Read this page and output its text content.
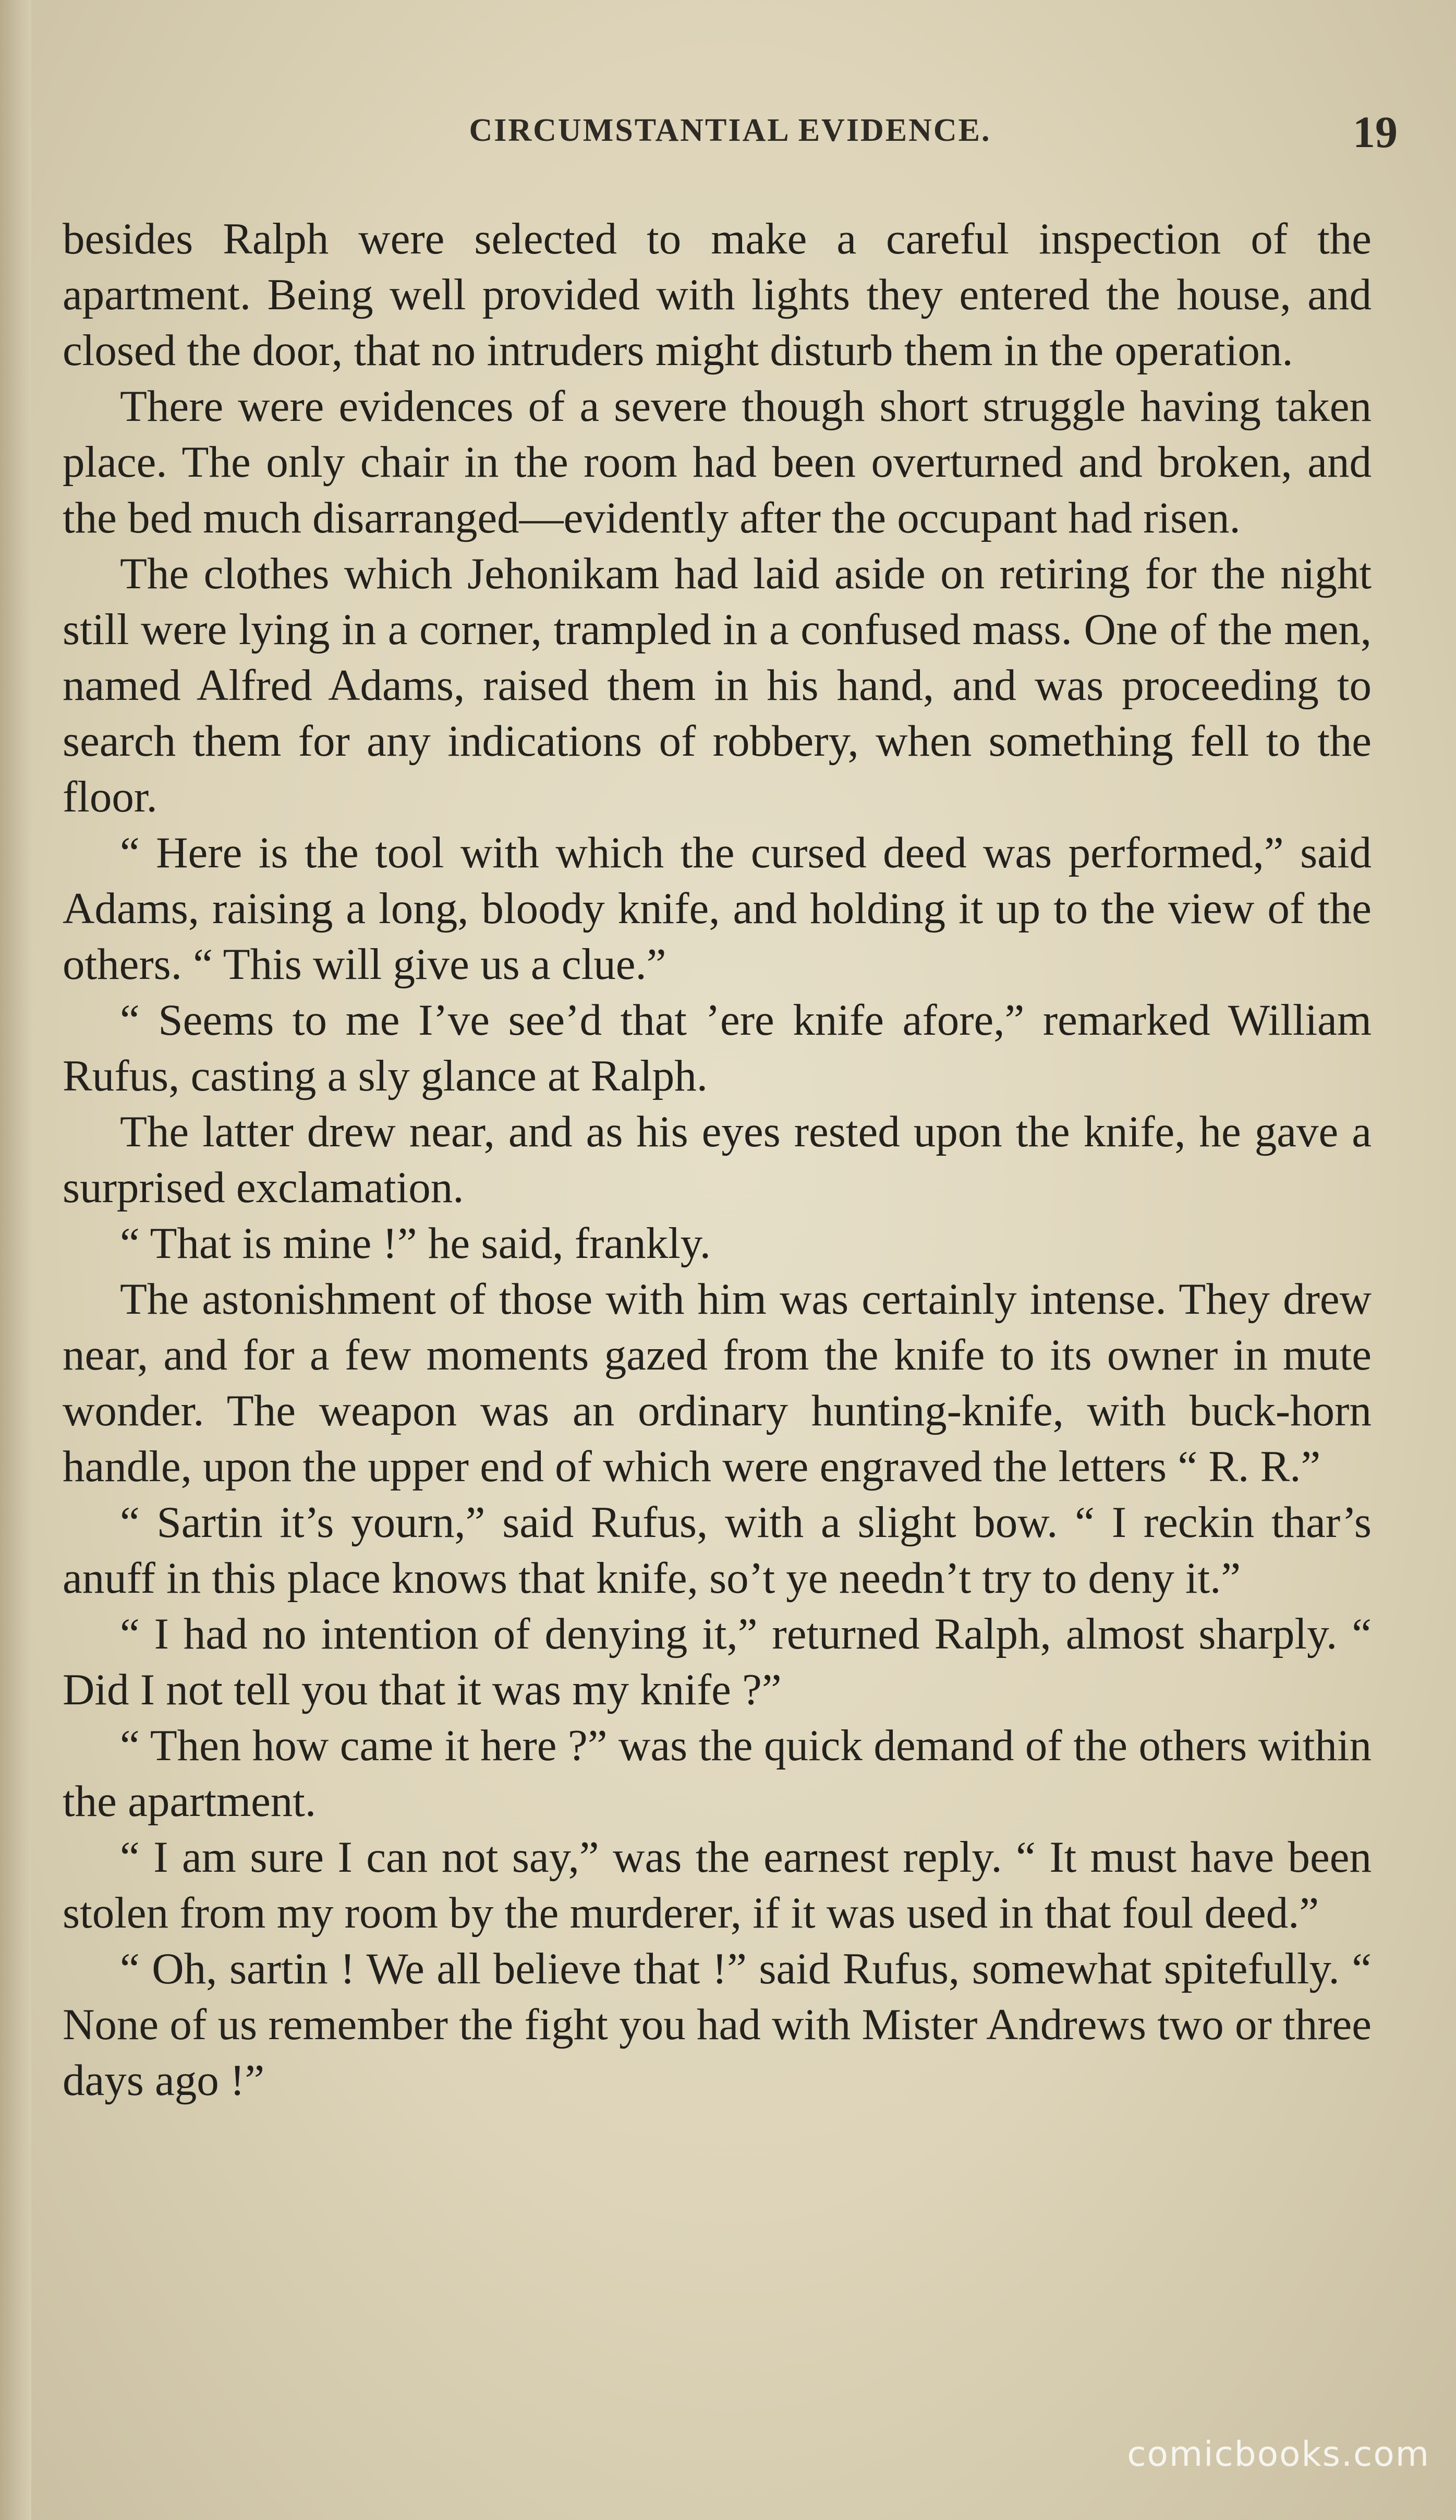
CIRCUMSTANTIAL EVIDENCE.	19

besides Ralph were selected to make a careful inspection of the apartment. Being well provided with lights they entered the house, and closed the door, that no intruders might disturb them in the operation.

There were evidences of a severe though short struggle having taken place. The only chair in the room had been overturned and broken, and the bed much disarranged—evidently after the occupant had risen.

The clothes which Jehonikam had laid aside on retiring for the night still were lying in a corner, trampled in a confused mass. One of the men, named Alfred Adams, raised them in his hand, and was proceeding to search them for any indications of robbery, when something fell to the floor.

“ Here is the tool with which the cursed deed was performed,” said Adams, raising a long, bloody knife, and holding it up to the view of the others. “ This will give us a clue.”

“ Seems to me I’ve see’d that ’ere knife afore,” remarked William Rufus, casting a sly glance at Ralph.

The latter drew near, and as his eyes rested upon the knife, he gave a surprised exclamation.

“ That is mine !” he said, frankly.

The astonishment of those with him was certainly intense. They drew near, and for a few moments gazed from the knife to its owner in mute wonder. The weapon was an ordinary hunting-knife, with buck-horn handle, upon the upper end of which were engraved the letters “ R. R.”

“ Sartin it’s yourn,” said Rufus, with a slight bow. “ I reckin thar’s anuff in this place knows that knife, so’t ye needn’t try to deny it.”

“ I had no intention of denying it,” returned Ralph, almost sharply. “ Did I not tell you that it was my knife ?”

“ Then how came it here ?” was the quick demand of the others within the apartment.

“ I am sure I can not say,” was the earnest reply. “ It must have been stolen from my room by the murderer, if it was used in that foul deed.”

“ Oh, sartin ! We all believe that !” said Rufus, somewhat spitefully. “ None of us remember the fight you had with Mister Andrews two or three days ago !”

comicbooks.com
